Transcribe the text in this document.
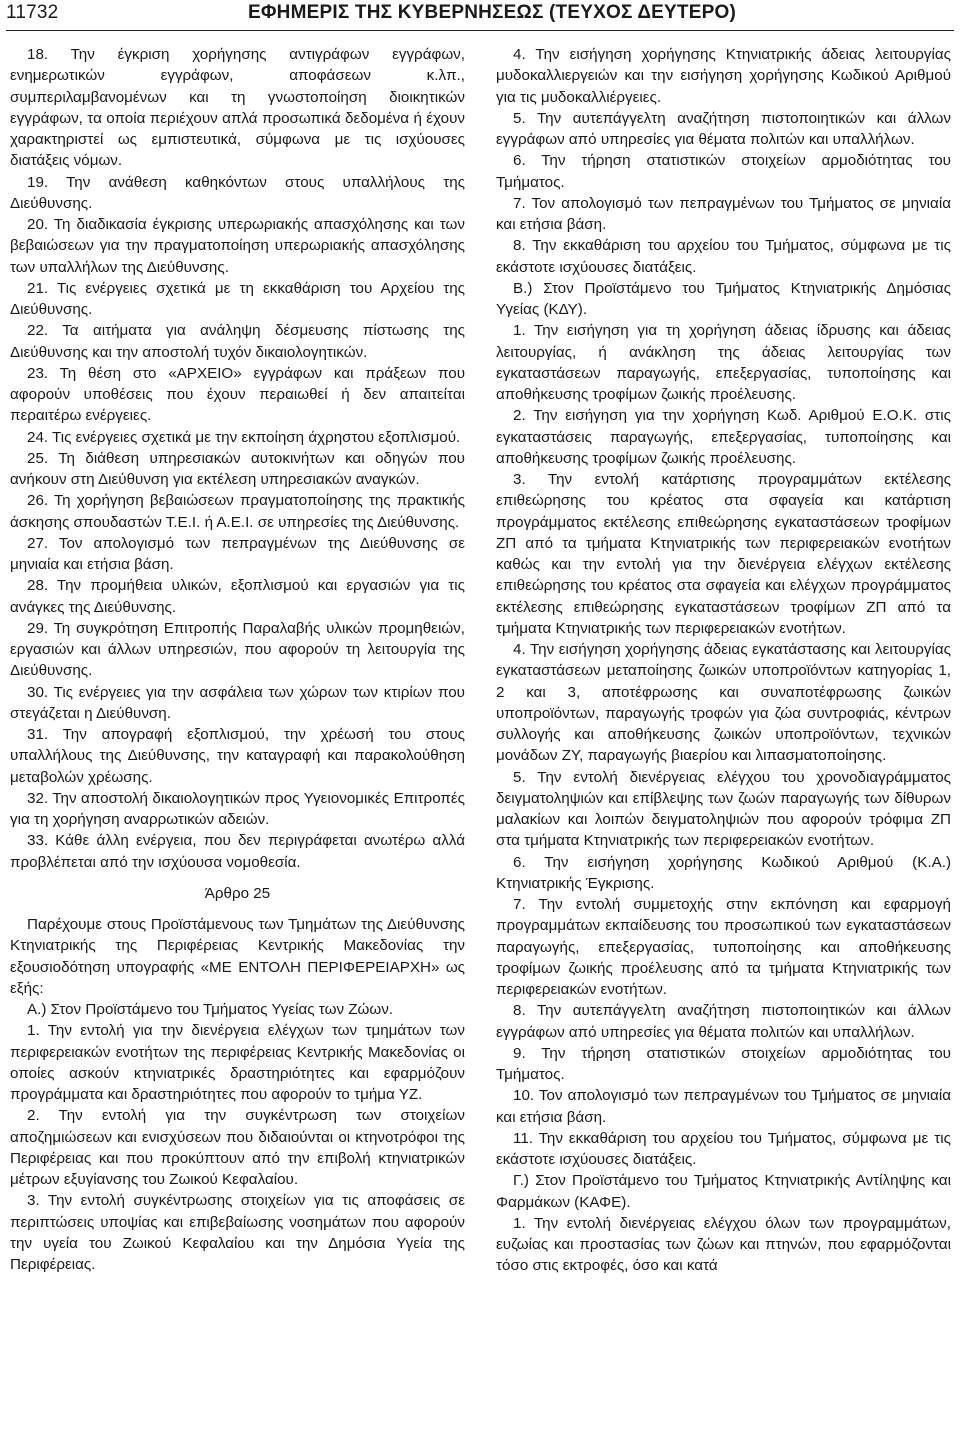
11732	ΕΦΗΜΕΡΙΣ ΤΗΣ ΚΥΒΕΡΝΗΣΕΩΣ (ΤΕΥΧΟΣ ΔΕΥΤΕΡΟ)

18. Την έγκριση χορήγησης αντιγράφων εγγράφων, ενημερωτικών εγγράφων, αποφάσεων κ.λπ., συμπεριλαμβανομένων και τη γνωστοποίηση διοικητικών εγγράφων, τα οποία περιέχουν απλά προσωπικά δεδομένα ή έχουν χαρακτηριστεί ως εμπιστευτικά, σύμφωνα με τις ισχύουσες διατάξεις νόμων.

19. Την ανάθεση καθηκόντων στους υπαλλήλους της Διεύθυνσης.

20. Τη διαδικασία έγκρισης υπερωριακής απασχόλησης και των βεβαιώσεων για την πραγματοποίηση υπερωριακής απασχόλησης των υπαλλήλων της Διεύθυνσης.

21. Τις ενέργειες σχετικά με τη εκκαθάριση του Αρχείου της Διεύθυνσης.

22. Τα αιτήματα για ανάληψη δέσμευσης πίστωσης της Διεύθυνσης και την αποστολή τυχόν δικαιολογητικών.

23. Τη θέση στο «ΑΡΧΕΙΟ» εγγράφων και πράξεων που αφορούν υποθέσεις που έχουν περαιωθεί ή δεν απαιτείται περαιτέρω ενέργειες.

24. Τις ενέργειες σχετικά με την εκποίηση άχρηστου εξοπλισμού.

25. Τη διάθεση υπηρεσιακών αυτοκινήτων και οδηγών που ανήκουν στη Διεύθυνση για εκτέλεση υπηρεσιακών αναγκών.

26. Τη χορήγηση βεβαιώσεων πραγματοποίησης της πρακτικής άσκησης σπουδαστών Τ.Ε.Ι. ή Α.Ε.Ι. σε υπηρεσίες της Διεύθυνσης.

27. Τον απολογισμό των πεπραγμένων της Διεύθυνσης σε μηνιαία και ετήσια βάση.

28. Την προμήθεια υλικών, εξοπλισμού και εργασιών για τις ανάγκες της Διεύθυνσης.

29. Τη συγκρότηση Επιτροπής Παραλαβής υλικών προμηθειών, εργασιών και άλλων υπηρεσιών, που αφορούν τη λειτουργία της Διεύθυνσης.

30. Τις ενέργειες για την ασφάλεια των χώρων των κτιρίων που στεγάζεται η Διεύθυνση.

31. Την απογραφή εξοπλισμού, την χρέωσή του στους υπαλλήλους της Διεύθυνσης, την καταγραφή και παρακολούθηση μεταβολών χρέωσης.

32. Την αποστολή δικαιολογητικών προς Υγειονομικές Επιτροπές για τη χορήγηση αναρρωτικών αδειών.

33. Κάθε άλλη ενέργεια, που δεν περιγράφεται ανωτέρω αλλά προβλέπεται από την ισχύουσα νομοθεσία.

Άρθρο 25

Παρέχουμε στους Προϊστάμενους των Τμημάτων της Διεύθυνσης Κτηνιατρικής της Περιφέρειας Κεντρικής Μακεδονίας την εξουσιοδότηση υπογραφής «ΜΕ ΕΝΤΟΛΗ ΠΕΡΙΦΕΡΕΙΑΡΧΗ» ως εξής:

Α.) Στον Προϊστάμενο του Τμήματος Υγείας των Ζώων.

1. Την εντολή για την διενέργεια ελέγχων των τμημάτων των περιφερειακών ενοτήτων της περιφέρειας Κεντρικής Μακεδονίας οι οποίες ασκούν κτηνιατρικές δραστηριότητες και εφαρμόζουν προγράμματα και δραστηριότητες που αφορούν το τμήμα ΥΖ.

2. Την εντολή για την συγκέντρωση των στοιχείων αποζημιώσεων και ενισχύσεων που διδαιούνται οι κτηνοτρόφοι της Περιφέρειας και που προκύπτουν από την επιβολή κτηνιατρικών μέτρων εξυγίανσης του Ζωικού Κεφαλαίου.

3. Την εντολή συγκέντρωσης στοιχείων για τις αποφάσεις σε περιπτώσεις υποψίας και επιβεβαίωσης νοσημάτων που αφορούν την υγεία του Ζωικού Κεφαλαίου και την Δημόσια Υγεία της Περιφέρειας.

4. Την εισήγηση χορήγησης Κτηνιατρικής άδειας λειτουργίας μυδοκαλλιεργειών και την εισήγηση χορήγησης Κωδικού Αριθμού για τις μυδοκαλλιέργειες.

5. Την αυτεπάγγελτη αναζήτηση πιστοποιητικών και άλλων εγγράφων από υπηρεσίες για θέματα πολιτών και υπαλλήλων.

6. Την τήρηση στατιστικών στοιχείων αρμοδιότητας του Τμήματος.

7. Τον απολογισμό των πεπραγμένων του Τμήματος σε μηνιαία και ετήσια βάση.

8. Την εκκαθάριση του αρχείου του Τμήματος, σύμφωνα με τις εκάστοτε ισχύουσες διατάξεις.

Β.) Στον Προϊστάμενο του Τμήματος Κτηνιατρικής Δημόσιας Υγείας (ΚΔΥ).

1. Την εισήγηση για τη χορήγηση άδειας ίδρυσης και άδειας λειτουργίας, ή ανάκληση της άδειας λειτουργίας των εγκαταστάσεων παραγωγής, επεξεργασίας, τυποποίησης και αποθήκευσης τροφίμων ζωικής προέλευσης.

2. Την εισήγηση για την χορήγηση Κωδ. Αριθμού Ε.Ο.Κ. στις εγκαταστάσεις παραγωγής, επεξεργασίας, τυποποίησης και αποθήκευσης τροφίμων ζωικής προέλευσης.

3. Την εντολή κατάρτισης προγραμμάτων εκτέλεσης επιθεώρησης του κρέατος στα σφαγεία και κατάρτιση προγράμματος εκτέλεσης επιθεώρησης εγκαταστάσεων τροφίμων ΖΠ από τα τμήματα Κτηνιατρικής των περιφερειακών ενοτήτων καθώς και την εντολή για την διενέργεια ελέγχων εκτέλεσης επιθεώρησης του κρέατος στα σφαγεία και ελέγχων προγράμματος εκτέλεσης επιθεώρησης εγκαταστάσεων τροφίμων ΖΠ από τα τμήματα Κτηνιατρικής των περιφερειακών ενοτήτων.

4. Την εισήγηση χορήγησης άδειας εγκατάστασης και λειτουργίας εγκαταστάσεων μεταποίησης ζωικών υποπροϊόντων κατηγορίας 1, 2 και 3, αποτέφρωσης και συναποτέφρωσης ζωικών υποπροϊόντων, παραγωγής τροφών για ζώα συντροφιάς, κέντρων συλλογής και αποθήκευσης ζωικών υποπροϊόντων, τεχνικών μονάδων ΖΥ, παραγωγής βιαερίου και λιπασματοποίησης.

5. Την εντολή διενέργειας ελέγχου του χρονοδιαγράμματος δειγματοληψιών και επίβλεψης των ζωών παραγωγής των δίθυρων μαλακίων και λοιπών δειγματοληψιών που αφορούν τρόφιμα ΖΠ στα τμήματα Κτηνιατρικής των περιφερειακών ενοτήτων.

6. Την εισήγηση χορήγησης Κωδικού Αριθμού (Κ.Α.) Κτηνιατρικής Έγκρισης.

7. Την εντολή συμμετοχής στην εκπόνηση και εφαρμογή προγραμμάτων εκπαίδευσης του προσωπικού των εγκαταστάσεων παραγωγής, επεξεργασίας, τυποποίησης και αποθήκευσης τροφίμων ζωικής προέλευσης από τα τμήματα Κτηνιατρικής των περιφερειακών ενοτήτων.

8. Την αυτεπάγγελτη αναζήτηση πιστοποιητικών και άλλων εγγράφων από υπηρεσίες για θέματα πολιτών και υπαλλήλων.

9. Την τήρηση στατιστικών στοιχείων αρμοδιότητας του Τμήματος.

10. Τον απολογισμό των πεπραγμένων του Τμήματος σε μηνιαία και ετήσια βάση.

11. Την εκκαθάριση του αρχείου του Τμήματος, σύμφωνα με τις εκάστοτε ισχύουσες διατάξεις.

Γ.) Στον Προϊστάμενο του Τμήματος Κτηνιατρικής Αντίληψης και Φαρμάκων (ΚΑΦΕ).

1. Την εντολή διενέργειας ελέγχου όλων των προγραμμάτων, ευζωίας και προστασίας των ζώων και πτηνών, που εφαρμόζονται τόσο στις εκτροφές, όσο και κατά
